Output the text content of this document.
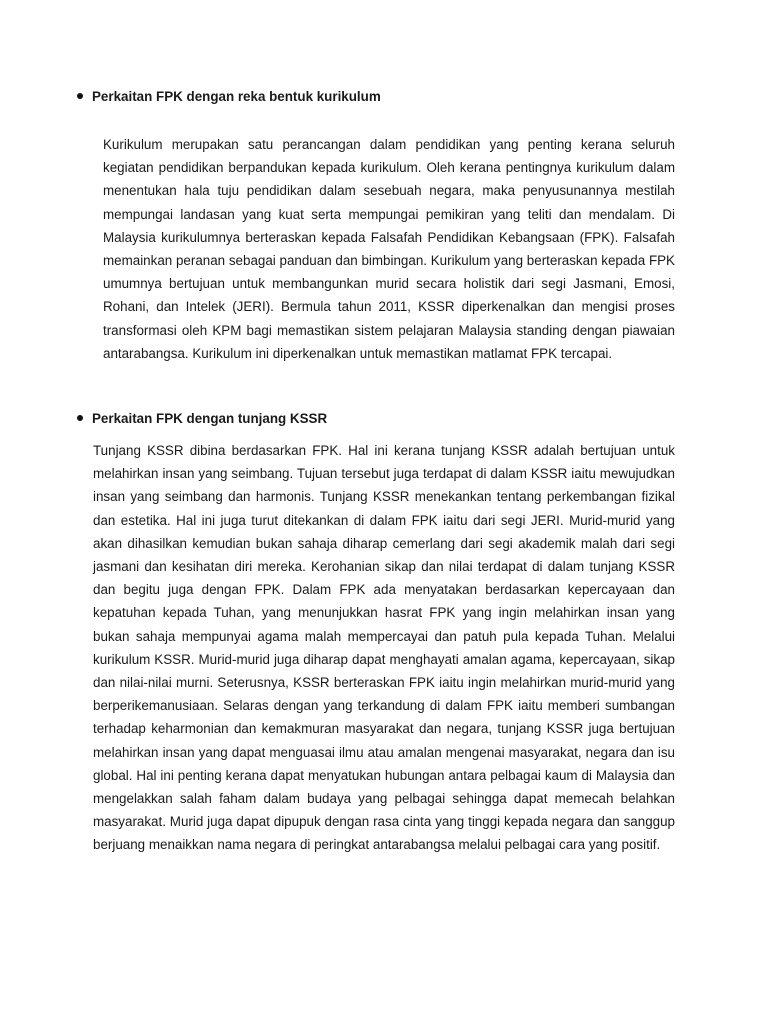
Perkaitan FPK dengan reka bentuk kurikulum

Kurikulum merupakan satu perancangan dalam pendidikan yang penting kerana seluruh kegiatan pendidikan berpandukan kepada kurikulum. Oleh kerana pentingnya kurikulum dalam menentukan hala tuju pendidikan dalam sesebuah negara, maka penyusunannya mestilah mempungai landasan yang kuat serta mempungai pemikiran yang teliti dan mendalam. Di Malaysia kurikulumnya berteraskan kepada Falsafah Pendidikan Kebangsaan (FPK). Falsafah memainkan peranan sebagai panduan dan bimbingan. Kurikulum yang berteraskan kepada FPK umumnya bertujuan untuk membangunkan murid secara holistik dari segi Jasmani, Emosi, Rohani, dan Intelek (JERI). Bermula tahun 2011, KSSR diperkenalkan dan mengisi proses transformasi oleh KPM bagi memastikan sistem pelajaran Malaysia standing dengan piawaian antarabangsa. Kurikulum ini diperkenalkan untuk memastikan matlamat FPK tercapai.

Perkaitan FPK dengan tunjang KSSR

Tunjang KSSR dibina berdasarkan FPK. Hal ini kerana tunjang KSSR adalah bertujuan untuk melahirkan insan yang seimbang. Tujuan tersebut juga terdapat di dalam KSSR iaitu mewujudkan insan yang seimbang dan harmonis. Tunjang KSSR menekankan tentang perkembangan fizikal dan estetika. Hal ini juga turut ditekankan di dalam FPK iaitu dari segi JERI. Murid-murid yang akan dihasilkan kemudian bukan sahaja diharap cemerlang dari segi akademik malah dari segi jasmani dan kesihatan diri mereka. Kerohanian sikap dan nilai terdapat di dalam tunjang KSSR dan begitu juga dengan FPK. Dalam FPK ada menyatakan berdasarkan kepercayaan dan kepatuhan kepada Tuhan, yang menunjukkan hasrat FPK yang ingin melahirkan insan yang bukan sahaja mempunyai agama malah mempercayai dan patuh pula kepada Tuhan. Melalui kurikulum KSSR. Murid-murid juga diharap dapat menghayati amalan agama, kepercayaan, sikap dan nilai-nilai murni. Seterusnya, KSSR berteraskan FPK iaitu ingin melahirkan murid-murid yang berperikemanusiaan. Selaras dengan yang terkandung di dalam FPK iaitu memberi sumbangan terhadap keharmonian dan kemakmuran masyarakat dan negara, tunjang KSSR juga bertujuan melahirkan insan yang dapat menguasai ilmu atau amalan mengenai masyarakat, negara dan isu global. Hal ini penting kerana dapat menyatukan hubungan antara pelbagai kaum di Malaysia dan mengelakkan salah faham dalam budaya yang pelbagai sehingga dapat memecah belahkan masyarakat. Murid juga dapat dipupuk dengan rasa cinta yang tinggi kepada negara dan sanggup berjuang menaikkan nama negara di peringkat antarabangsa melalui pelbagai cara yang positif.
